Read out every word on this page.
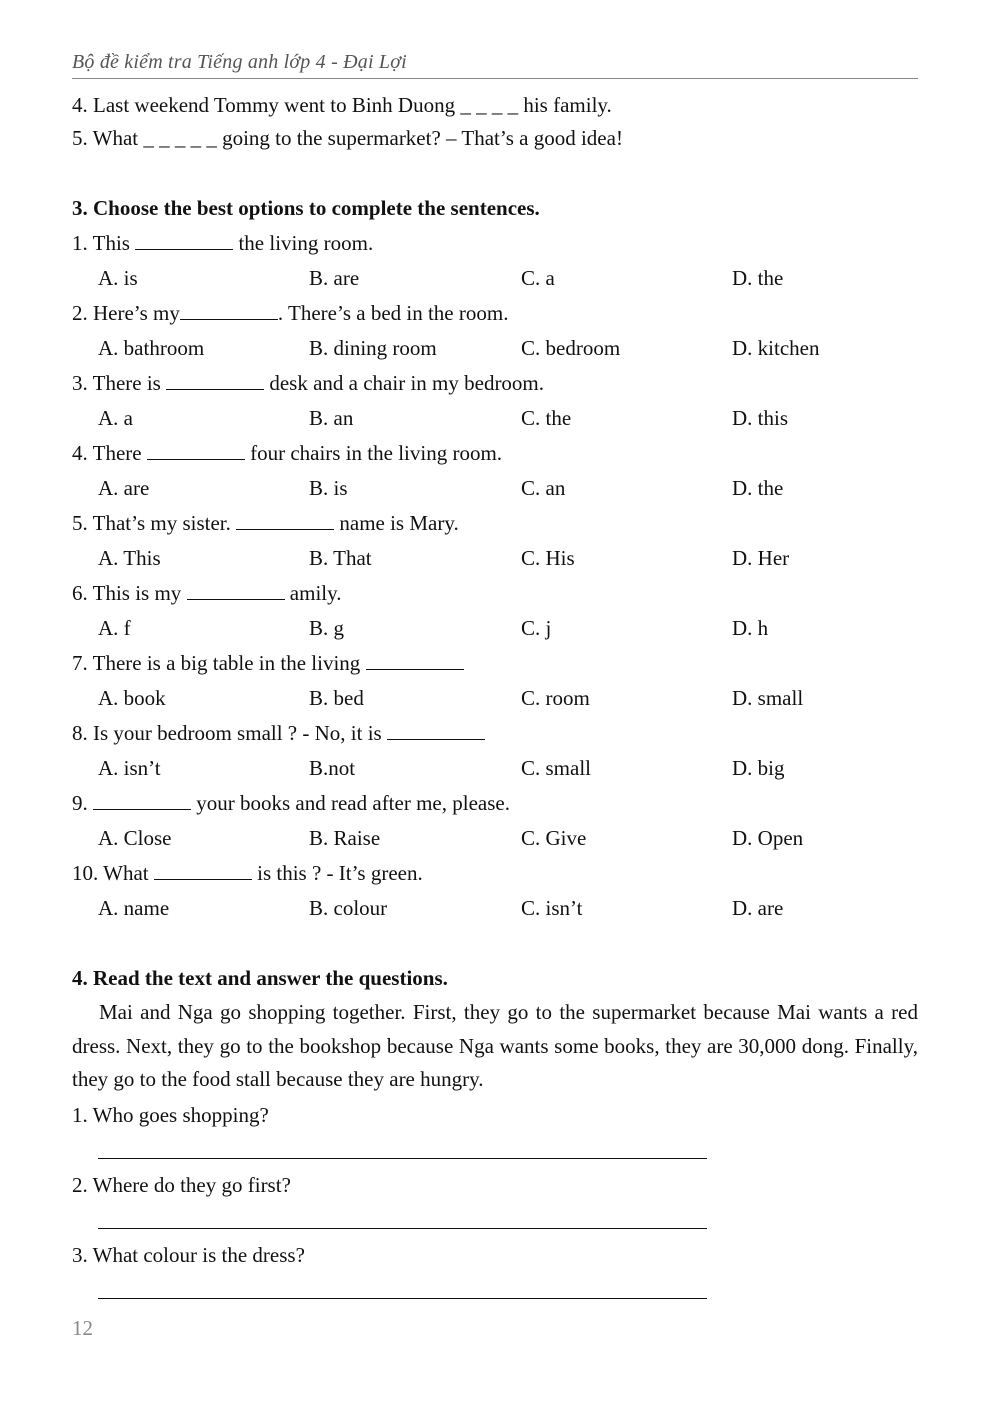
Bộ đề kiểm tra Tiếng anh lớp 4 - Đại Lợi
4. Last weekend Tommy went to Binh Duong _ _ _ _ his family.
5. What _ _ _ _ _ going to the supermarket? – That’s a good idea!
3. Choose the best options to complete the sentences.
1. This	the living room.
A. is	B. are	C. a	D. the
2. Here’s my	. There’s a bed in the room.
A. bathroom	B. dining room	C. bedroom	D. kitchen
3. There is	desk and a chair in my bedroom.
A. a	B. an	C. the	D. this
4. There	four chairs in the living room.
A. are	B. is	C. an	D. the
5. That’s my sister.	name is Mary.
A. This	B. That	C. His	D. Her
6. This is my	amily.
A. f	B. g	C. j	D. h
7. There is a big table in the living
A. book	B. bed	C. room	D. small
8. Is your bedroom small ? - No, it is
A. isn’t	B.not	C. small	D. big
9.	your books and read after me, please.
A. Close	B. Raise	C. Give	D. Open
10. What	is this ? - It’s green.
A. name	B. colour	C. isn’t	D. are
4. Read the text and answer the questions.
Mai and Nga go shopping together. First, they go to the supermarket because Mai wants a red dress. Next, they go to the bookshop because Nga wants some books, they are 30,000 dong. Finally, they go to the food stall because they are hungry.
1. Who goes shopping?
2. Where do they go first?
3. What colour is the dress?
12
